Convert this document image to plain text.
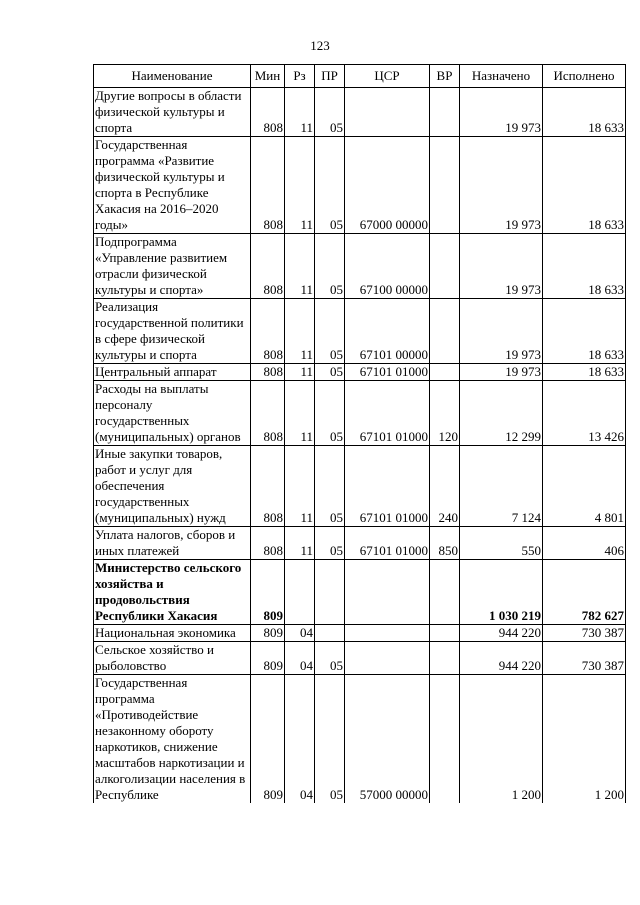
123
Наименование	Мин	Рз	ПР	ЦСР	ВР	Назначено	Исполнено
Другие вопросы в области физической культуры и спорта	808	11	05			19 973	18 633
Государственная программа «Развитие физической культуры и спорта в Республике Хакасия на 2016–2020 годы»	808	11	05	67000 00000		19 973	18 633
Подпрограмма «Управление развитием отрасли физической культуры и спорта»	808	11	05	67100 00000		19 973	18 633
Реализация государственной политики в сфере физической культуры и спорта	808	11	05	67101 00000		19 973	18 633
Центральный аппарат	808	11	05	67101 01000		19 973	18 633
Расходы на выплаты персоналу государственных (муниципальных) органов	808	11	05	67101 01000	120	12 299	13 426
Иные закупки товаров, работ и услуг для обеспечения государственных (муниципальных) нужд	808	11	05	67101 01000	240	7 124	4 801
Уплата налогов, сборов и иных платежей	808	11	05	67101 01000	850	550	406
Министерство сельского хозяйства и продовольствия Республики Хакасия	809					1 030 219	782 627
Национальная экономика	809	04				944 220	730 387
Сельское хозяйство и рыболовство	809	04	05			944 220	730 387
Государственная программа «Противодействие незаконному обороту наркотиков, снижение масштабов наркотизации и алкоголизации населения в Республике	809	04	05	57000 00000		1 200	1 200
